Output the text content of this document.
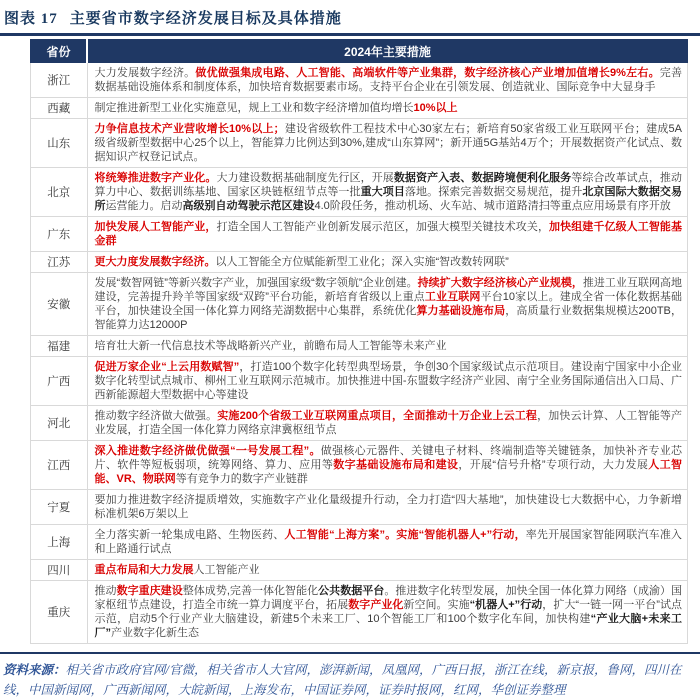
图表 17 主要省市数字经济发展目标及具体措施
省份	2024年主要措施
浙江	大力发展数字经济。做优做强集成电路、人工智能、高端软件等产业集群，数字经济核心产业增加值增长9%左右。完善数据基础设施体系和制度体系，加快培育数据要素市场。支持平台企业在引领发展、创造就业、国际竞争中大显身手
西藏	制定推进新型工业化实施意见，规上工业和数字经济增加值均增长10%以上
山东	力争信息技术产业营收增长10%以上；建设省级软件工程技术中心30家左右；新培育50家省级工业互联网平台；建成5A级省级新型数据中心25个以上，智能算力比例达到30%,建成“山东算网”；新开通5G基站4万个；开展数据资产化试点、数据知识产权登记试点。
北京	将统筹推进数字产业化。大力建设数据基础制度先行区，开展数据资产入表、数据跨境便利化服务等综合改革试点，推动算力中心、数据训练基地、国家区块链枢纽节点等一批重大项目落地。探索完善数据交易规范，提升北京国际大数据交易所运营能力。启动高级别自动驾驶示范区建设4.0阶段任务，推动机场、火车站、城市道路清扫等重点应用场景有序开放
广东	加快发展人工智能产业，打造全国人工智能产业创新发展示范区，加强大模型关键技术攻关，加快组建千亿级人工智能基金群
江苏	更大力度发展数字经济。以人工智能全方位赋能新型工业化；深入实施“智改数转网联”
安徽	发展“数智网链”等新兴数字产业，加强国家级“数字领航”企业创建。持续扩大数字经济核心产业规模，推进工业互联网高地建设，完善提升羚羊等国家级“双跨”平台功能，新培育省级以上重点工业互联网平台10家以上。建成全省一体化数据基础平台，加快建设全国一体化算力网络芜湖数据中心集群，系统优化算力基础设施布局，高质量行业数据集规模达200TB，智能算力达12000P
福建	培育壮大新一代信息技术等战略新兴产业，前瞻布局人工智能等未来产业
广西	促进万家企业“上云用数赋智”，打造100个数字化转型典型场景，争创30个国家级试点示范项目。建设南宁国家中小企业数字化转型试点城市、柳州工业互联网示范城市。加快推进中国-东盟数字经济产业园、南宁全业务国际通信出入口局、广西新能源超大型数据中心等建设
河北	推动数字经济做大做强。实施200个省级工业互联网重点项目，全面推动十万企业上云工程，加快云计算、人工智能等产业发展，打造全国一体化算力网络京津冀枢纽节点
江西	深入推进数字经济做优做强“一号发展工程”。做强核心元器件、关键电子材料、终端制造等关键链条，加快补齐专业芯片、软件等短板弱项，统筹网络、算力、应用等数字基础设施布局和建设，开展“信号升格”专项行动，大力发展人工智能、VR、物联网等有竞争力的数字产业链群
宁夏	要加力推进数字经济提质增效，实施数字产业化量级提升行动，全力打造“四大基地”，加快建设七大数据中心，力争新增标准机架6万架以上
上海	全力落实新一轮集成电路、生物医药、人工智能“上海方案”。实施“智能机器人+”行动，率先开展国家智能网联汽车准入和上路通行试点
四川	重点布局和大力发展人工智能产业
重庆	推动数字重庆建设整体成势,完善一体化智能化公共数据平台。推进数字化转型发展，加快全国一体化算力网络（成渝）国家枢纽节点建设，打造全市统一算力调度平台，拓展数字产业化新空间。实施“机器人+”行动，扩大“一链一网一平台”试点示范，启动5个行业产业大脑建设，新建5个未来工厂、10个智能工厂和100个数字化车间，加快构建“产业大脑+未来工厂”产业数字化新生态
资料来源：相关省市政府官网/官微，相关省市人大官网，澎湃新闻，凤凰网，广西日报，浙江在线，新京报，鲁网，四川在线，中国新闻网，广西新闻网，大皖新闻，上海发布，中国证券网，证券时报网，红网，华创证券整理
